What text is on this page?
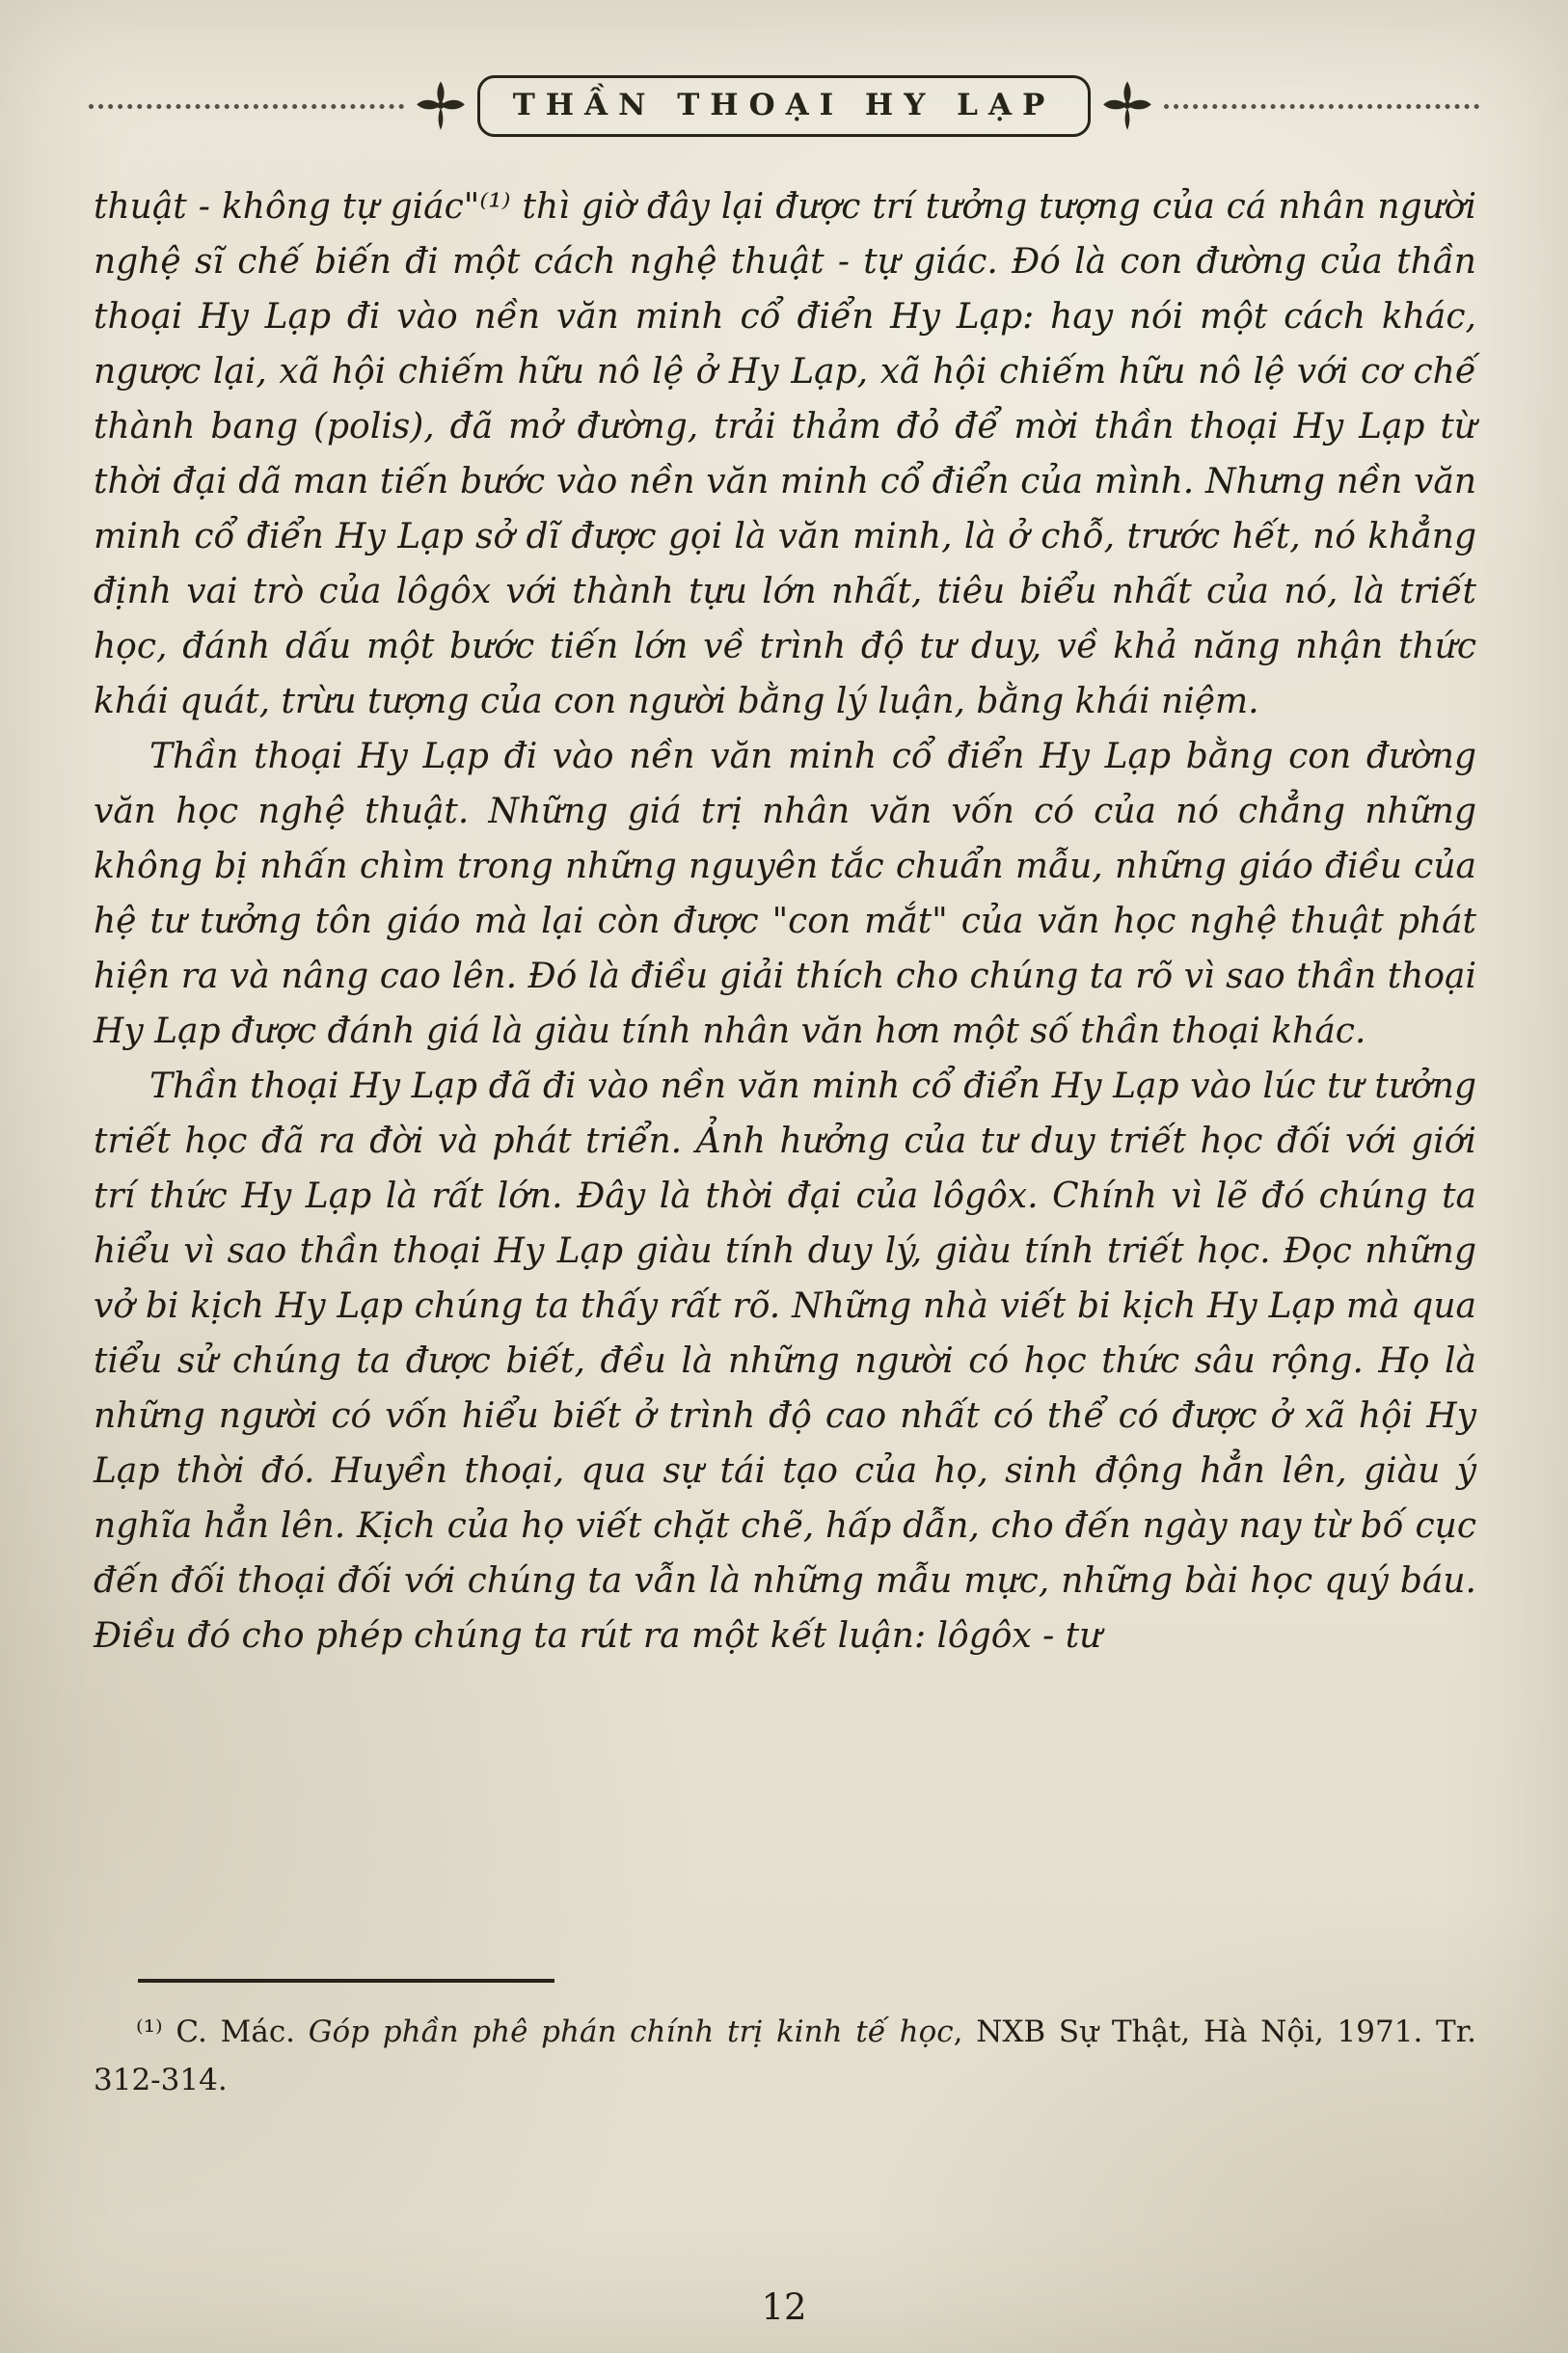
THẦN THOẠI HY LẠP

thuật - không tự giác"⁽¹⁾ thì giờ đây lại được trí tưởng tượng của cá nhân người nghệ sĩ chế biến đi một cách nghệ thuật - tự giác. Đó là con đường của thần thoại Hy Lạp đi vào nền văn minh cổ điển Hy Lạp: hay nói một cách khác, ngược lại, xã hội chiếm hữu nô lệ ở Hy Lạp, xã hội chiếm hữu nô lệ với cơ chế thành bang (polis), đã mở đường, trải thảm đỏ để mời thần thoại Hy Lạp từ thời đại dã man tiến bước vào nền văn minh cổ điển của mình. Nhưng nền văn minh cổ điển Hy Lạp sở dĩ được gọi là văn minh, là ở chỗ, trước hết, nó khẳng định vai trò của lôgôx với thành tựu lớn nhất, tiêu biểu nhất của nó, là triết học, đánh dấu một bước tiến lớn về trình độ tư duy, về khả năng nhận thức khái quát, trừu tượng của con người bằng lý luận, bằng khái niệm.

Thần thoại Hy Lạp đi vào nền văn minh cổ điển Hy Lạp bằng con đường văn học nghệ thuật. Những giá trị nhân văn vốn có của nó chẳng những không bị nhấn chìm trong những nguyên tắc chuẩn mẫu, những giáo điều của hệ tư tưởng tôn giáo mà lại còn được "con mắt" của văn học nghệ thuật phát hiện ra và nâng cao lên. Đó là điều giải thích cho chúng ta rõ vì sao thần thoại Hy Lạp được đánh giá là giàu tính nhân văn hơn một số thần thoại khác.

Thần thoại Hy Lạp đã đi vào nền văn minh cổ điển Hy Lạp vào lúc tư tưởng triết học đã ra đời và phát triển. Ảnh hưởng của tư duy triết học đối với giới trí thức Hy Lạp là rất lớn. Đây là thời đại của lôgôx. Chính vì lẽ đó chúng ta hiểu vì sao thần thoại Hy Lạp giàu tính duy lý, giàu tính triết học. Đọc những vở bi kịch Hy Lạp chúng ta thấy rất rõ. Những nhà viết bi kịch Hy Lạp mà qua tiểu sử chúng ta được biết, đều là những người có học thức sâu rộng. Họ là những người có vốn hiểu biết ở trình độ cao nhất có thể có được ở xã hội Hy Lạp thời đó. Huyền thoại, qua sự tái tạo của họ, sinh động hẳn lên, giàu ý nghĩa hẳn lên. Kịch của họ viết chặt chẽ, hấp dẫn, cho đến ngày nay từ bố cục đến đối thoại đối với chúng ta vẫn là những mẫu mực, những bài học quý báu. Điều đó cho phép chúng ta rút ra một kết luận: lôgôx - tư

⁽¹⁾ C. Mác. Góp phần phê phán chính trị kinh tế học, NXB Sự Thật, Hà Nội, 1971. Tr. 312-314.

12
